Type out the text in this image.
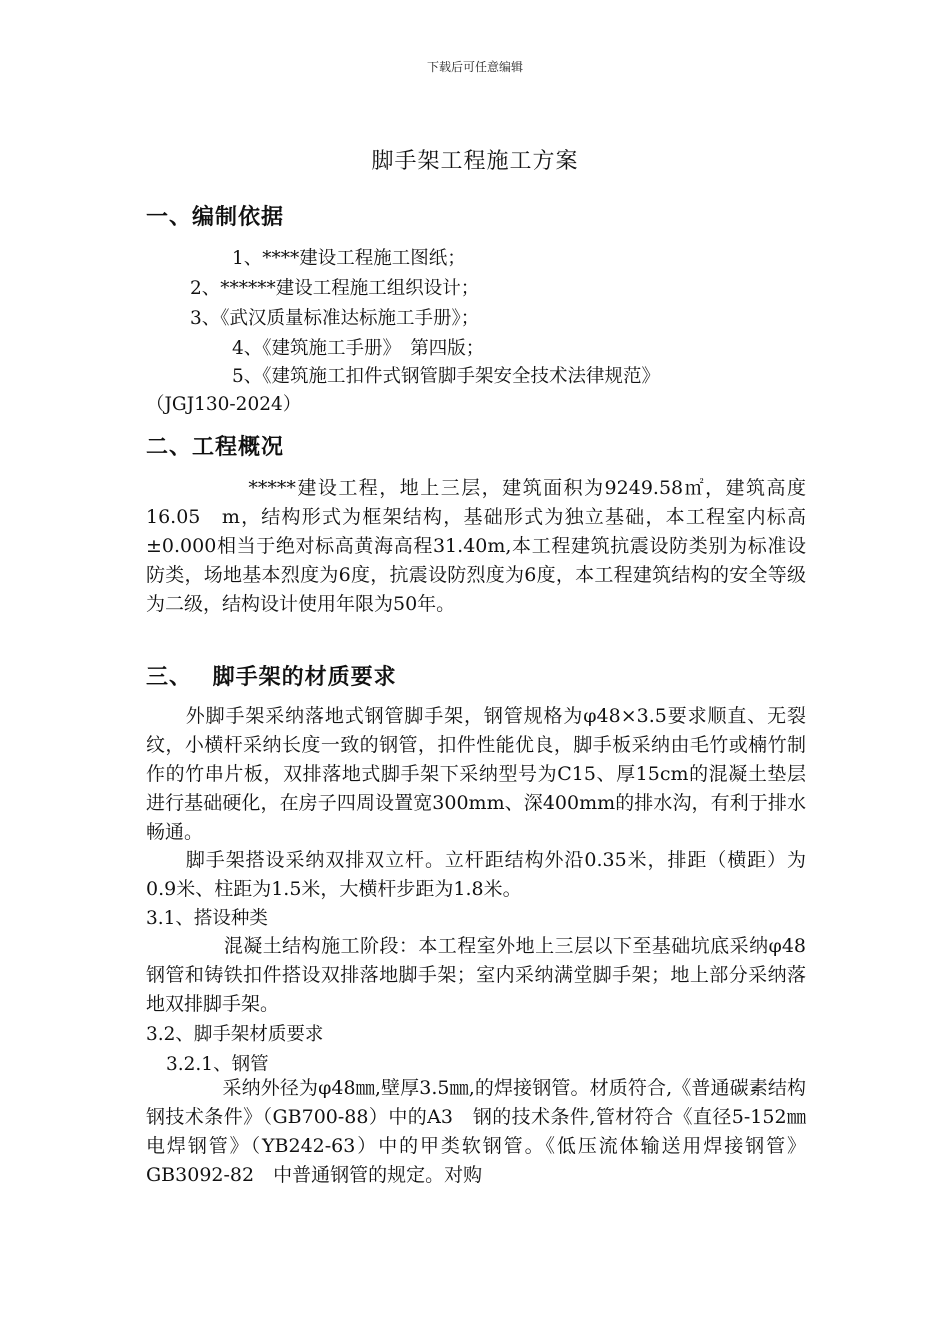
下载后可任意编辑
脚手架工程施工方案
一、编制依据
1、****建设工程施工图纸；
2、******建设工程施工组织设计；
3、《武汉质量标准达标施工手册》；
4、《建筑施工手册》　第四版；
5、《建筑施工扣件式钢管脚手架安全技术法律规范》
（JGJ130-2024）
二、工程概况
　　　　　*****建设工程，地上三层，建筑面积为9249.58㎡，建筑高度16.05　m，结构形式为框架结构，基础形式为独立基础，本工程室内标高±0.000相当于绝对标高黄海高程31.40m,本工程建筑抗震设防类别为标准设防类，场地基本烈度为6度，抗震设防烈度为6度，本工程建筑结构的安全等级为二级，结构设计使用年限为50年。
三、　 脚手架的材质要求
　　外脚手架采纳落地式钢管脚手架，钢管规格为φ48×3.5要求顺直、无裂纹，小横杆采纳长度一致的钢管，扣件性能优良，脚手板采纳由毛竹或楠竹制作的竹串片板，双排落地式脚手架下采纳型号为C15、厚15cm的混凝土垫层进行基础硬化，在房子四周设置宽300mm、深400mm的排水沟，有利于排水畅通。
　　脚手架搭设采纳双排双立杆。立杆距结构外沿0.35米，排距（横距）为0.9米、柱距为1.5米，大横杆步距为1.8米。
3.1、搭设种类
　　　　混凝土结构施工阶段：本工程室外地上三层以下至基础坑底采纳φ48钢管和铸铁扣件搭设双排落地脚手架；室内采纳满堂脚手架；地上部分采纳落地双排脚手架。
3.2、脚手架材质要求
3.2.1、钢管
　　　　采纳外径为φ48㎜,壁厚3.5㎜,的焊接钢管。材质符合,《普通碳素结构钢技术条件》（GB700-88）中的A3　钢的技术条件,管材符合《直径5-152㎜电焊钢管》（YB242-63）中的甲类软钢管。《低压流体输送用焊接钢管》GB3092-82　中普通钢管的规定。对购
